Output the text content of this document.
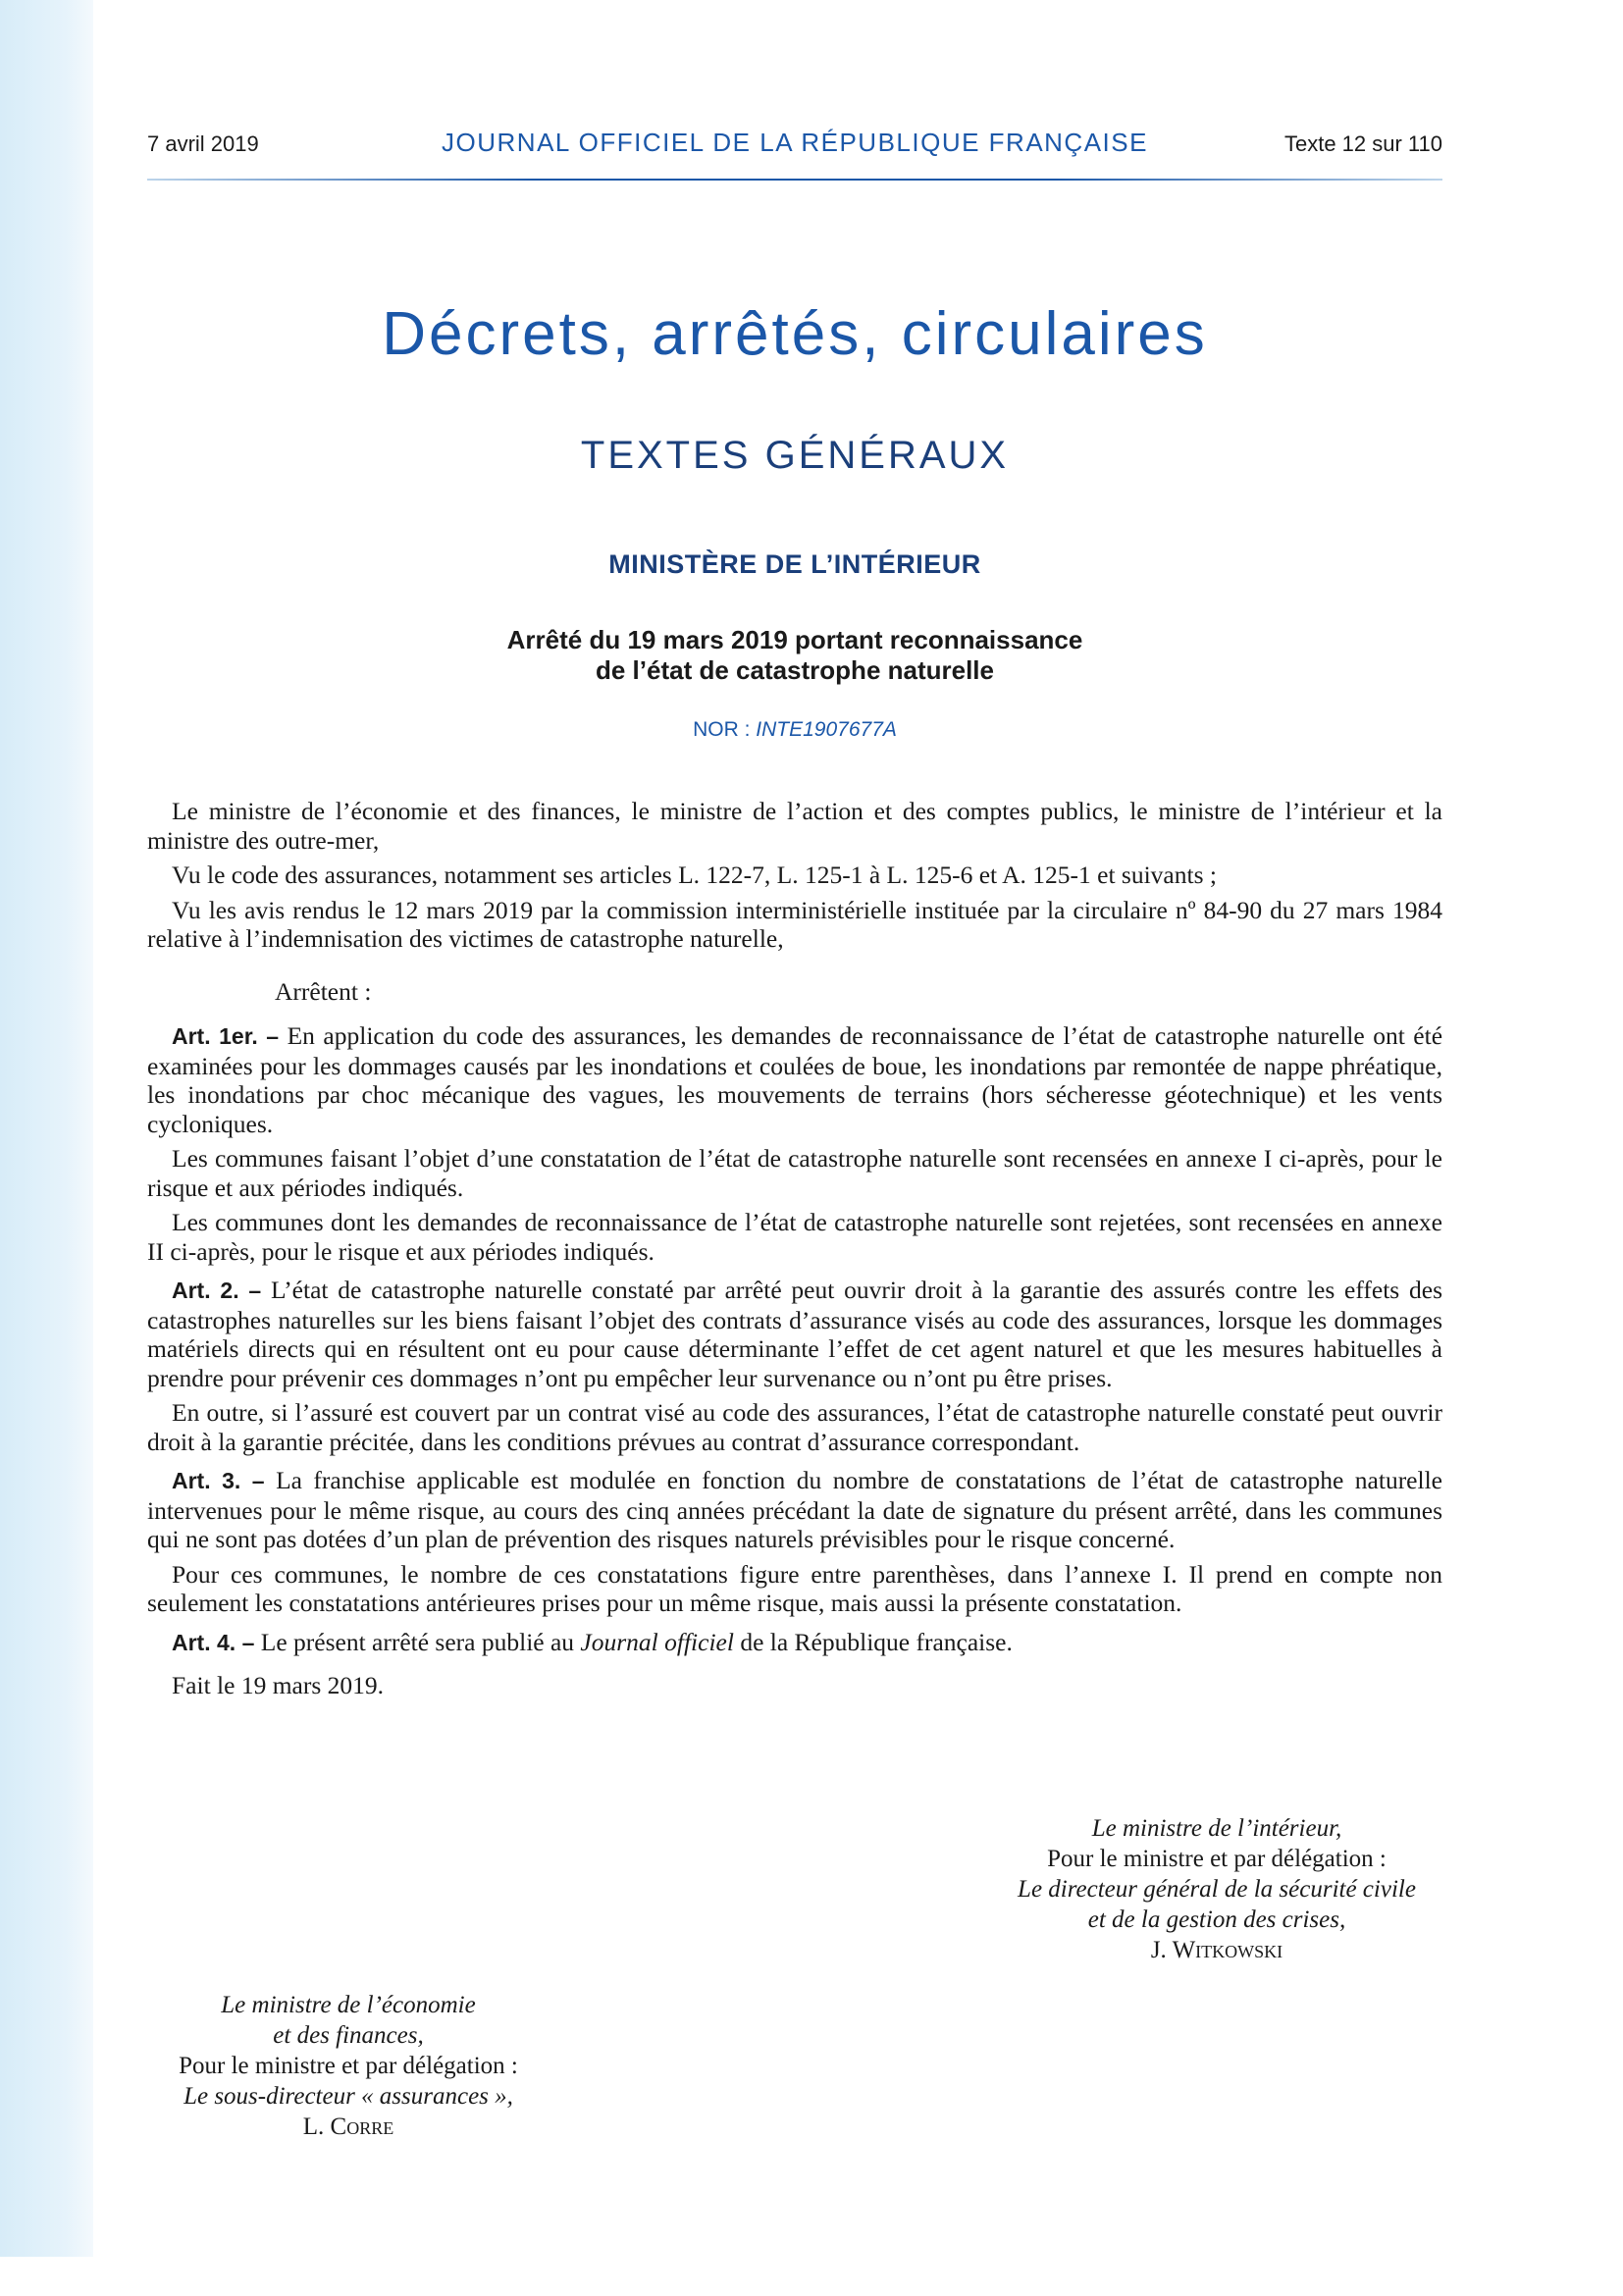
7 avril 2019	JOURNAL OFFICIEL DE LA RÉPUBLIQUE FRANÇAISE	Texte 12 sur 110
Décrets, arrêtés, circulaires
TEXTES GÉNÉRAUX
MINISTÈRE DE L’INTÉRIEUR
Arrêté du 19 mars 2019 portant reconnaissance
de l’état de catastrophe naturelle
NOR : INTE1907677A

Le ministre de l’économie et des finances, le ministre de l’action et des comptes publics, le ministre de l’intérieur et la ministre des outre-mer,

Vu le code des assurances, notamment ses articles L. 122-7, L. 125-1 à L. 125-6 et A. 125-1 et suivants ;

Vu les avis rendus le 12 mars 2019 par la commission interministérielle instituée par la circulaire nº 84-90 du 27 mars 1984 relative à l’indemnisation des victimes de catastrophe naturelle,

Arrêtent :

Art. 1er. – En application du code des assurances, les demandes de reconnaissance de l’état de catastrophe naturelle ont été examinées pour les dommages causés par les inondations et coulées de boue, les inondations par remontée de nappe phréatique, les inondations par choc mécanique des vagues, les mouvements de terrains (hors sécheresse géotechnique) et les vents cycloniques.

Les communes faisant l’objet d’une constatation de l’état de catastrophe naturelle sont recensées en annexe I ci-après, pour le risque et aux périodes indiqués.

Les communes dont les demandes de reconnaissance de l’état de catastrophe naturelle sont rejetées, sont recensées en annexe II ci-après, pour le risque et aux périodes indiqués.

Art. 2. – L’état de catastrophe naturelle constaté par arrêté peut ouvrir droit à la garantie des assurés contre les effets des catastrophes naturelles sur les biens faisant l’objet des contrats d’assurance visés au code des assurances, lorsque les dommages matériels directs qui en résultent ont eu pour cause déterminante l’effet de cet agent naturel et que les mesures habituelles à prendre pour prévenir ces dommages n’ont pu empêcher leur survenance ou n’ont pu être prises.

En outre, si l’assuré est couvert par un contrat visé au code des assurances, l’état de catastrophe naturelle constaté peut ouvrir droit à la garantie précitée, dans les conditions prévues au contrat d’assurance correspondant.

Art. 3. – La franchise applicable est modulée en fonction du nombre de constatations de l’état de catastrophe naturelle intervenues pour le même risque, au cours des cinq années précédant la date de signature du présent arrêté, dans les communes qui ne sont pas dotées d’un plan de prévention des risques naturels prévisibles pour le risque concerné.

Pour ces communes, le nombre de ces constatations figure entre parenthèses, dans l’annexe I. Il prend en compte non seulement les constatations antérieures prises pour un même risque, mais aussi la présente constatation.

Art. 4. – Le présent arrêté sera publié au Journal officiel de la République française.

Fait le 19 mars 2019.

Le ministre de l’intérieur,
Pour le ministre et par délégation :
Le directeur général de la sécurité civile
et de la gestion des crises,
J. Witkowski
Le ministre de l’économie
et des finances,
Pour le ministre et par délégation :
Le sous-directeur « assurances »,
L. Corre
